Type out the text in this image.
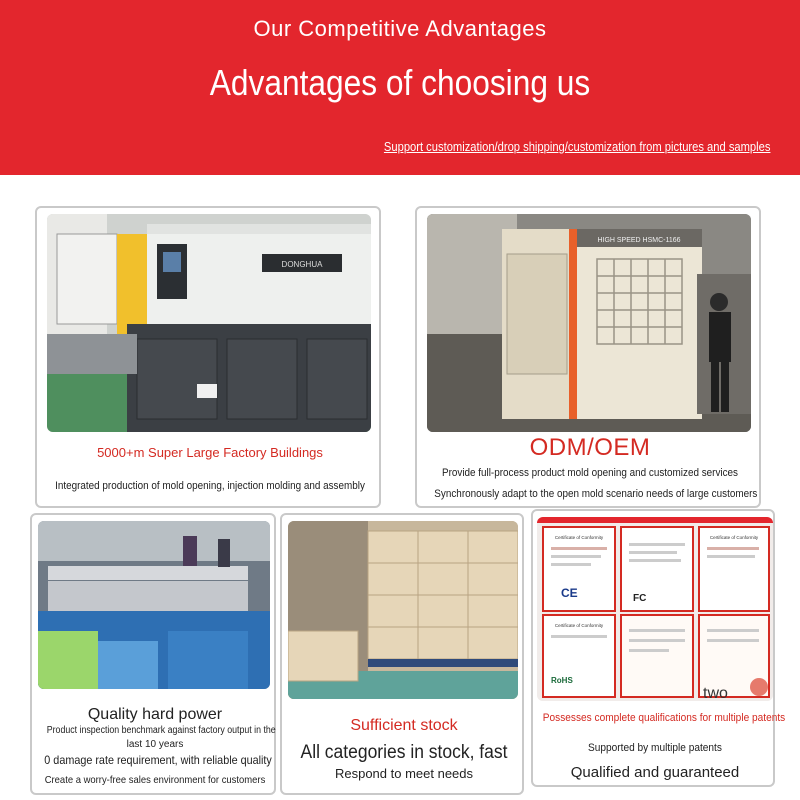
Our Competitive Advantages
Advantages of choosing us
Support customization/drop shipping/customization from pictures and samples
DONGHUA
5000+m Super Large Factory Buildings
Integrated production of mold opening, injection molding and assembly
HIGH SPEED HSMC-1166
ODM/OEM
Provide full-process product mold opening and customized services
Synchronously adapt to the open mold scenario needs of large customers
Quality hard power
Product inspection benchmark against factory output in the
last 10 years
0 damage rate requirement, with reliable quality
Create a worry-free sales environment for customers
Sufficient stock
All categories in stock, fast
Respond to meet needs
Certificate of Conformity
CE	FC
Certificate of Conformity
Certificate of Conformity
RoHS
two
Possesses complete qualifications for multiple patents
Supported by multiple patents
Qualified and guaranteed
